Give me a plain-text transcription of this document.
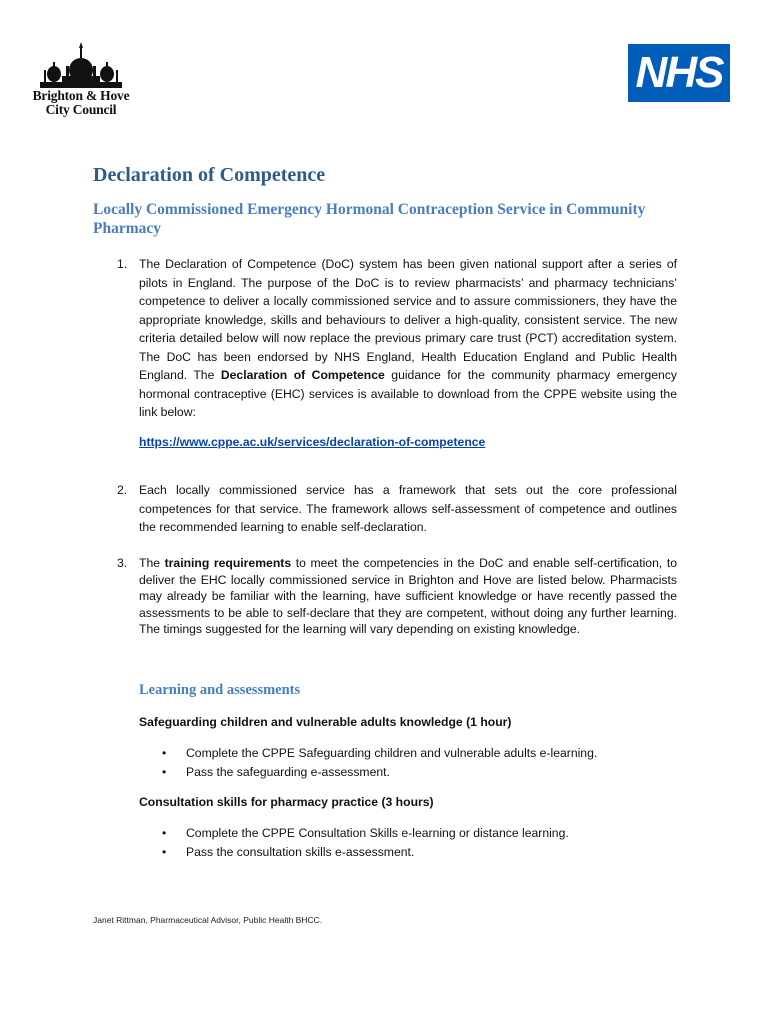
Brighton & Hove
City Council
NHS
Declaration of Competence
Locally Commissioned Emergency Hormonal Contraception Service in Community Pharmacy
1. The Declaration of Competence (DoC) system has been given national support after a series of pilots in England. The purpose of the DoC is to review pharmacists’ and pharmacy technicians’ competence to deliver a locally commissioned service and to assure commissioners, they have the appropriate knowledge, skills and behaviours to deliver a high-quality, consistent service. The new criteria detailed below will now replace the previous primary care trust (PCT) accreditation system. The DoC has been endorsed by NHS England, Health Education England and Public Health England. The Declaration of Competence guidance for the community pharmacy emergency hormonal contraceptive (EHC) services is available to download from the CPPE website using the link below:
https://www.cppe.ac.uk/services/declaration-of-competence
2. Each locally commissioned service has a framework that sets out the core professional competences for that service. The framework allows self-assessment of competence and outlines the recommended learning to enable self-declaration.
3. The training requirements to meet the competencies in the DoC and enable self-certification, to deliver the EHC locally commissioned service in Brighton and Hove are listed below. Pharmacists may already be familiar with the learning, have sufficient knowledge or have recently passed the assessments to be able to self-declare that they are competent, without doing any further learning. The timings suggested for the learning will vary depending on existing knowledge.
Learning and assessments
Safeguarding children and vulnerable adults knowledge (1 hour)
• Complete the CPPE Safeguarding children and vulnerable adults e-learning.
• Pass the safeguarding e-assessment.
Consultation skills for pharmacy practice (3 hours)
• Complete the CPPE Consultation Skills e-learning or distance learning.
• Pass the consultation skills e-assessment.
Janet Rittman, Pharmaceutical Advisor, Public Health BHCC.
